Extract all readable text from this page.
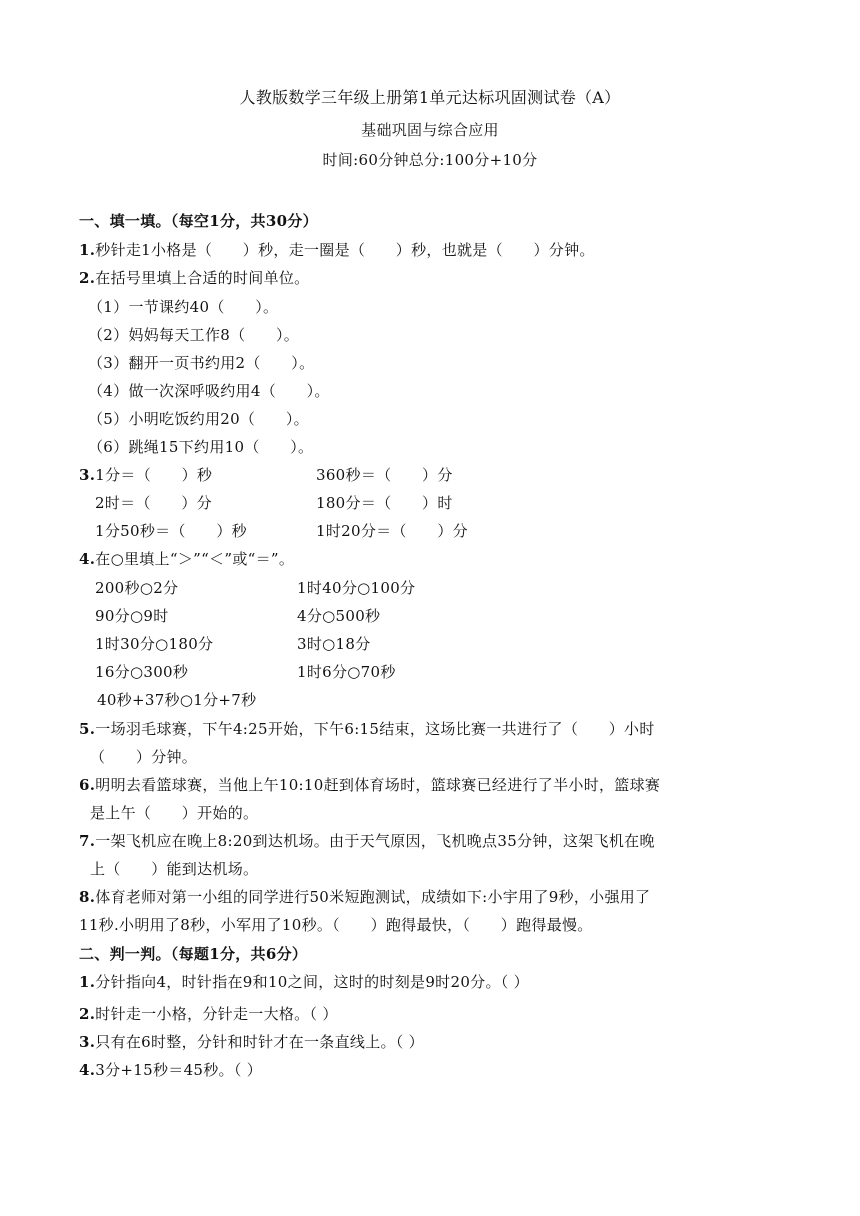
人教版数学三年级上册第1单元达标巩固测试卷（A）
基础巩固与综合应用
时间:60分钟总分:100分+10分
一、填一填。（每空1分，共30分）
1.秒针走1小格是（　　）秒，走一圈是（　　）秒，也就是（　　）分钟。
2.在括号里填上合适的时间单位。
（1）一节课约40（　　）。
（2）妈妈每天工作8（　　）。
（3）翻开一页书约用2（　　）。
（4）做一次深呼吸约用4（　　）。
（5）小明吃饭约用20（　　）。
（6）跳绳15下约用10（　　）。
3.1分＝（　　）秒	360秒＝（　　）分
2时＝（　　）分	180分＝（　　）时
1分50秒＝（　　）秒	1时20分＝（　　）分
4.在○里填上“＞”“＜”或“＝”。
200秒○2分	1时40分○100分
90分○9时	4分○500秒
1时30分○180分	3时○18分
16分○300秒	1时6分○70秒
40秒+37秒○1分+7秒
5.一场羽毛球赛，下午4:25开始，下午6:15结束，这场比赛一共进行了（　　）小时
（　　）分钟。
6.明明去看篮球赛，当他上午10:10赶到体育场时，篮球赛已经进行了半小时，篮球赛
是上午（　　）开始的。
7.一架飞机应在晚上8:20到达机场。由于天气原因，飞机晚点35分钟，这架飞机在晚
上（　　）能到达机场。
8.体育老师对第一小组的同学进行50米短跑测试，成绩如下:小宇用了9秒，小强用了
11秒.小明用了8秒，小军用了10秒。（　　）跑得最快，（　　）跑得最慢。
二、判一判。（每题1分，共6分）
1.分针指向4，时针指在9和10之间，这时的时刻是9时20分。（ ）
2.时针走一小格，分针走一大格。（ ）
3.只有在6时整，分针和时针才在一条直线上。（ ）
4.3分+15秒＝45秒。（ ）
